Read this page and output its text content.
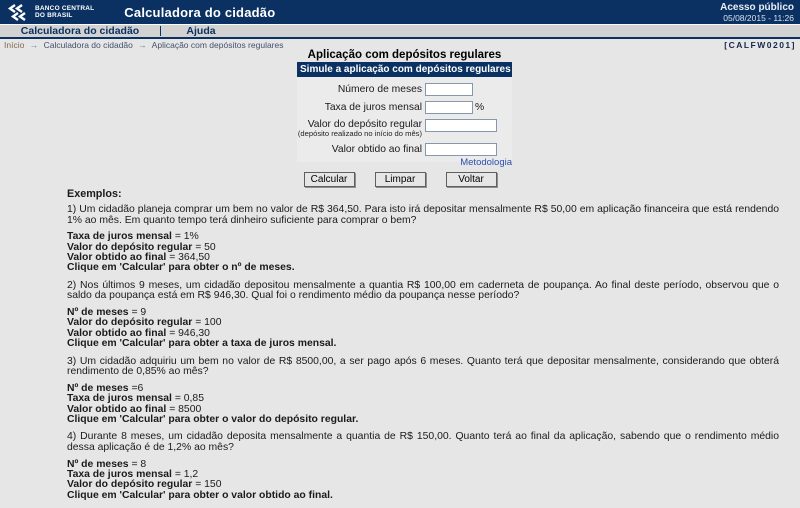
BANCO CENTRAL
DO BRASIL	Calculadora do cidadão	Acesso público
05/08/2015 - 11:26
Calculadora do cidadão	Ajuda
Início → Calculadora do cidadão → Aplicação com depósitos regulares	[CALFW0201]
Aplicação com depósitos regulares
Simule a aplicação com depósitos regulares
Número de meses
Taxa de juros mensal	%
Valor do depósito regular
(depósito realizado no início do mês)
Valor obtido ao final
Metodologia
Calcular	Limpar	Voltar
Exemplos:
1) Um cidadão planeja comprar um bem no valor de R$ 364,50. Para isto irá depositar mensalmente R$ 50,00 em aplicação financeira que está rendendo 1% ao mês. Em quanto tempo terá dinheiro suficiente para comprar o bem?
Taxa de juros mensal = 1%
Valor do depósito regular = 50
Valor obtido ao final = 364,50
Clique em 'Calcular' para obter o nº de meses.
2) Nos últimos 9 meses, um cidadão depositou mensalmente a quantia R$ 100,00 em caderneta de poupança. Ao final deste período, observou que o saldo da poupança está em R$ 946,30. Qual foi o rendimento médio da poupança nesse período?
Nº de meses = 9
Valor do depósito regular = 100
Valor obtido ao final = 946,30
Clique em 'Calcular' para obter a taxa de juros mensal.
3) Um cidadão adquiriu um bem no valor de R$ 8500,00, a ser pago após 6 meses. Quanto terá que depositar mensalmente, considerando que obterá rendimento de 0,85% ao mês?
Nº de meses =6
Taxa de juros mensal = 0,85
Valor obtido ao final = 8500
Clique em 'Calcular' para obter o valor do depósito regular.
4) Durante 8 meses, um cidadão deposita mensalmente a quantia de R$ 150,00. Quanto terá ao final da aplicação, sabendo que o rendimento médio dessa aplicação é de 1,2% ao mês?
Nº de meses = 8
Taxa de juros mensal = 1,2
Valor do depósito regular = 150
Clique em 'Calcular' para obter o valor obtido ao final.
